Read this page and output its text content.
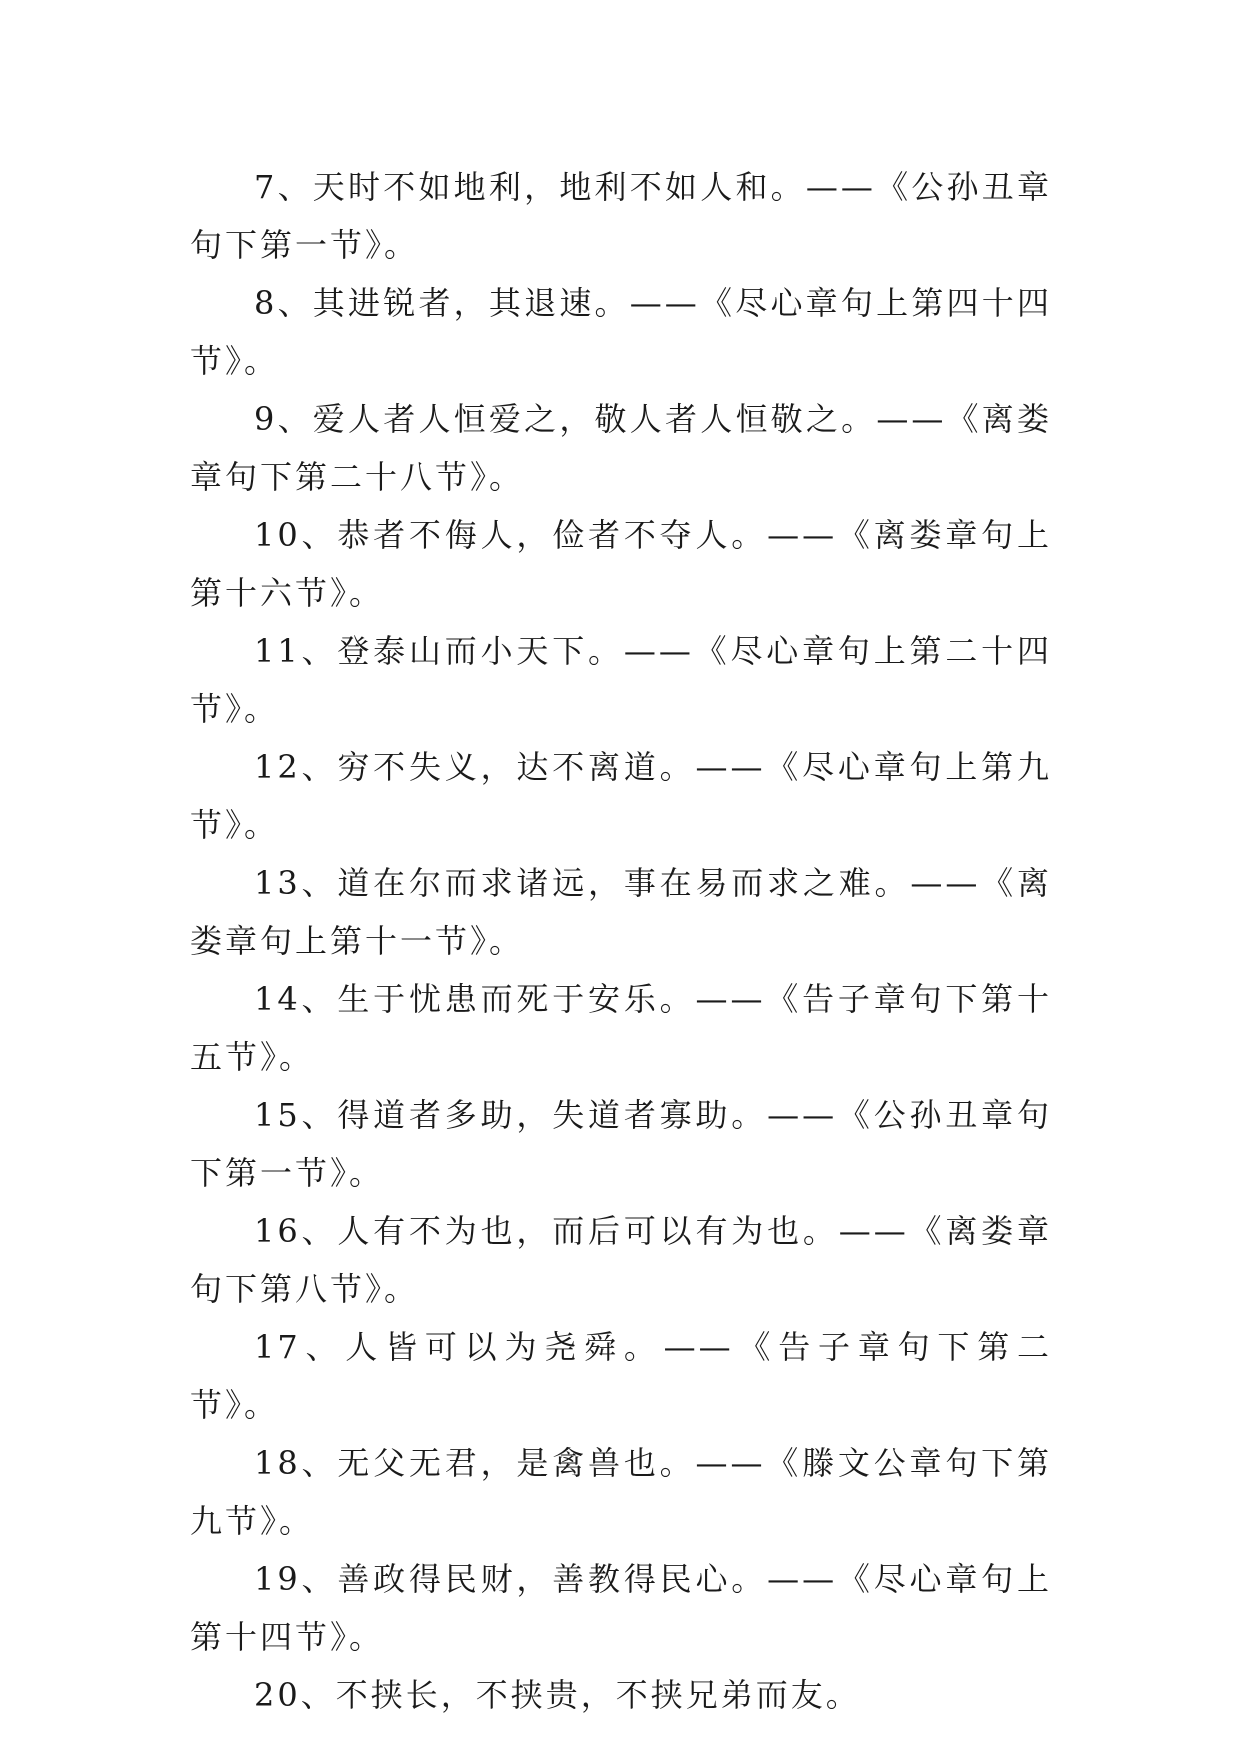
7、天时不如地利，地利不如人和。——《公孙丑章句下第一节》。

8、其进锐者，其退速。——《尽心章句上第四十四节》。

9、爱人者人恒爱之，敬人者人恒敬之。——《离娄章句下第二十八节》。

10、恭者不侮人，俭者不夺人。——《离娄章句上第十六节》。

11、登泰山而小天下。——《尽心章句上第二十四节》。

12、穷不失义，达不离道。——《尽心章句上第九节》。

13、道在尔而求诸远，事在易而求之难。——《离娄章句上第十一节》。

14、生于忧患而死于安乐。——《告子章句下第十五节》。

15、得道者多助，失道者寡助。——《公孙丑章句下第一节》。

16、人有不为也，而后可以有为也。——《离娄章句下第八节》。

17、人皆可以为尧舜。——《告子章句下第二节》。

18、无父无君，是禽兽也。——《滕文公章句下第九节》。

19、善政得民财，善教得民心。——《尽心章句上第十四节》。

20、不挟长，不挟贵，不挟兄弟而友。
